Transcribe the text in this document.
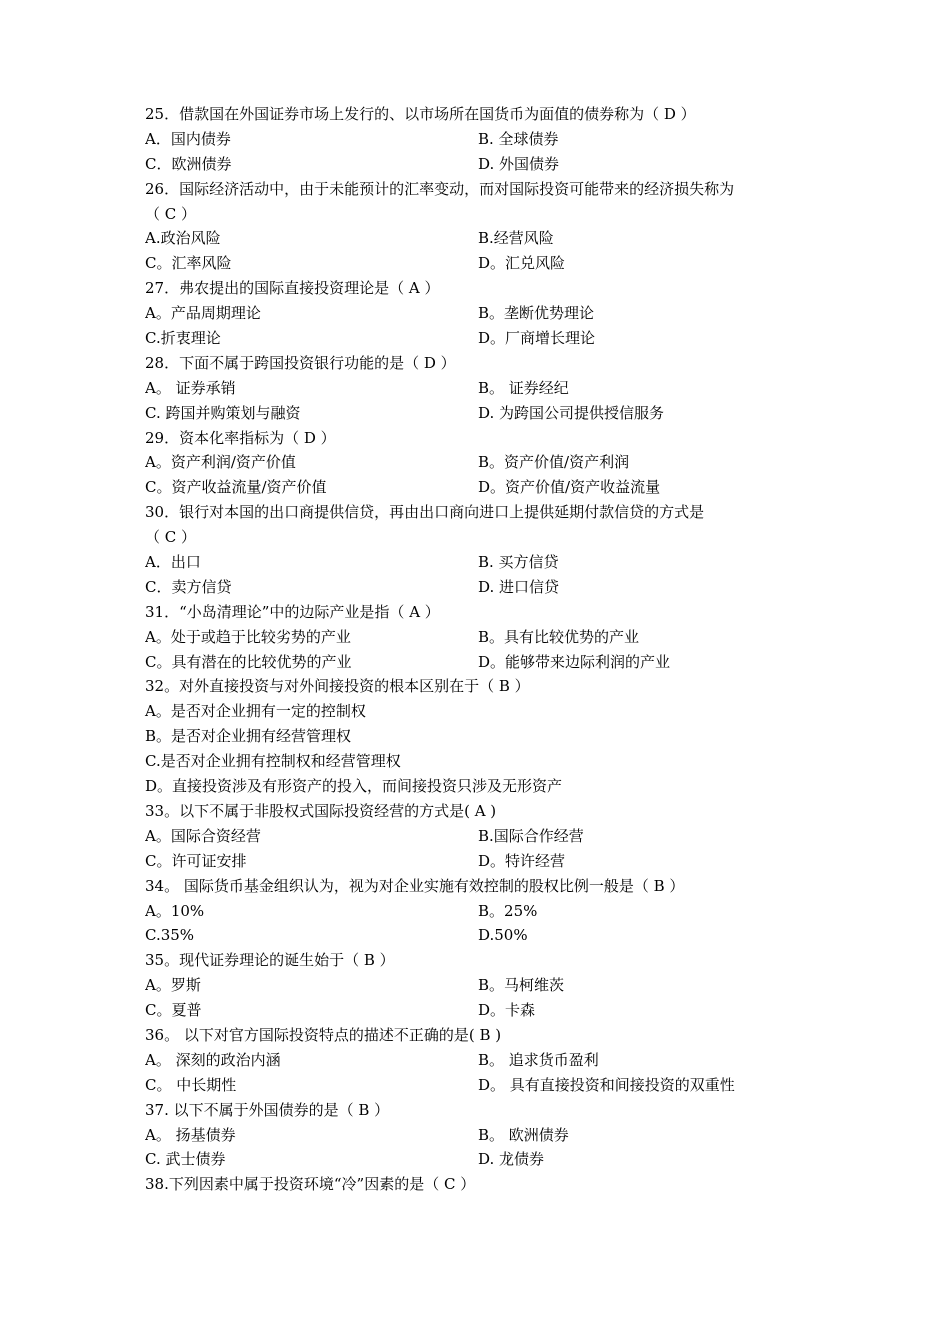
25．借款国在外国证券市场上发行的、以市场所在国货币为面值的债券称为（ D ）
A．国内债券	B. 全球债券
C．欧洲债券	D. 外国债券
26．国际经济活动中，由于未能预计的汇率变动，而对国际投资可能带来的经济损失称为
（ C ）
A.政治风险	B.经营风险
C。汇率风险	D。汇兑风险
27．弗农提出的国际直接投资理论是（ A ）
A。产品周期理论	B。垄断优势理论
C.折衷理论	D。厂商增长理论
28．下面不属于跨国投资银行功能的是（ D ）
A。 证券承销	B。 证券经纪
C. 跨国并购策划与融资	D. 为跨国公司提供授信服务
29．资本化率指标为（ D ）
A。资产利润/资产价值	B。资产价值/资产利润
C。资产收益流量/资产价值	D。资产价值/资产收益流量
30．银行对本国的出口商提供信贷，再由出口商向进口上提供延期付款信贷的方式是
（ C ）
A．出口	B. 买方信贷
C．卖方信贷	D. 进口信贷
31．“小岛清理论”中的边际产业是指（ A ）
A。处于或趋于比较劣势的产业	B。具有比较优势的产业
C。具有潜在的比较优势的产业	D。能够带来边际利润的产业
32。对外直接投资与对外间接投资的根本区别在于（ B ）
A。是否对企业拥有一定的控制权
B。是否对企业拥有经营管理权
C.是否对企业拥有控制权和经营管理权
D。直接投资涉及有形资产的投入，而间接投资只涉及无形资产
33。以下不属于非股权式国际投资经营的方式是( A )
A。国际合资经营	B.国际合作经营
C。许可证安排	D。特许经营
34。 国际货币基金组织认为，视为对企业实施有效控制的股权比例一般是（ B ）
A。10%	B。25%
C.35%	D.50%
35。现代证券理论的诞生始于（ B ）
A。罗斯	B。马柯维茨
C。夏普	D。卡森
36。 以下对官方国际投资特点的描述不正确的是( B )
A。 深刻的政治内涵	B。 追求货币盈利
C。 中长期性	D。 具有直接投资和间接投资的双重性
37. 以下不属于外国债券的是（ B ）
A。 扬基债券	B。 欧洲债券
C. 武士债券	D. 龙债券
38.下列因素中属于投资环境“冷”因素的是（ C ）
